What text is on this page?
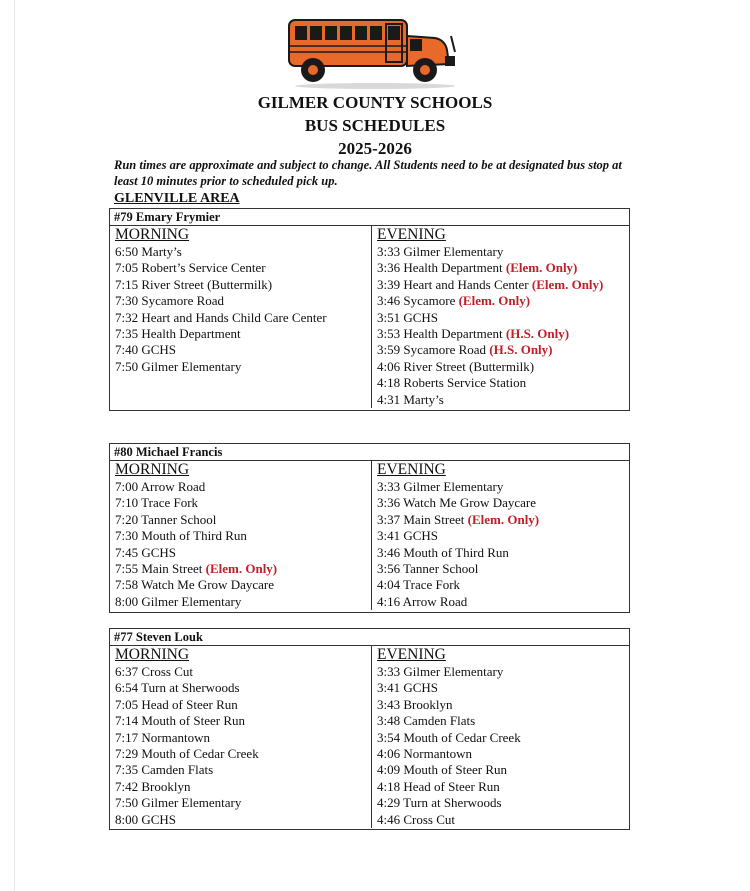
GILMER COUNTY SCHOOLS
BUS SCHEDULES
2025-2026
Run times are approximate and subject to change. All Students need to be at designated bus stop at least 10 minutes prior to scheduled pick up.
GLENVILLE AREA
#79 Emary Frymier
MORNING
6:50 Marty’s
7:05 Robert’s Service Center
7:15 River Street (Buttermilk)
7:30 Sycamore Road
7:32 Heart and Hands Child Care Center
7:35 Health Department
7:40 GCHS
7:50 Gilmer Elementary
EVENING
3:33 Gilmer Elementary
3:36 Health Department (Elem. Only)
3:39 Heart and Hands Center (Elem. Only)
3:46 Sycamore (Elem. Only)
3:51 GCHS
3:53 Health Department (H.S. Only)
3:59 Sycamore Road (H.S. Only)
4:06 River Street (Buttermilk)
4:18 Roberts Service Station
4:31 Marty’s
#80 Michael Francis
MORNING
7:00 Arrow Road
7:10 Trace Fork
7:20 Tanner School
7:30 Mouth of Third Run
7:45 GCHS
7:55 Main Street (Elem. Only)
7:58 Watch Me Grow Daycare
8:00 Gilmer Elementary
EVENING
3:33 Gilmer Elementary
3:36 Watch Me Grow Daycare
3:37 Main Street (Elem. Only)
3:41 GCHS
3:46 Mouth of Third Run
3:56 Tanner School
4:04 Trace Fork
4:16 Arrow Road
#77 Steven Louk
MORNING
6:37 Cross Cut
6:54 Turn at Sherwoods
7:05 Head of Steer Run
7:14 Mouth of Steer Run
7:17 Normantown
7:29 Mouth of Cedar Creek
7:35 Camden Flats
7:42 Brooklyn
7:50 Gilmer Elementary
8:00 GCHS
EVENING
3:33 Gilmer Elementary
3:41 GCHS
3:43 Brooklyn
3:48 Camden Flats
3:54 Mouth of Cedar Creek
4:06 Normantown
4:09 Mouth of Steer Run
4:18 Head of Steer Run
4:29 Turn at Sherwoods
4:46 Cross Cut
